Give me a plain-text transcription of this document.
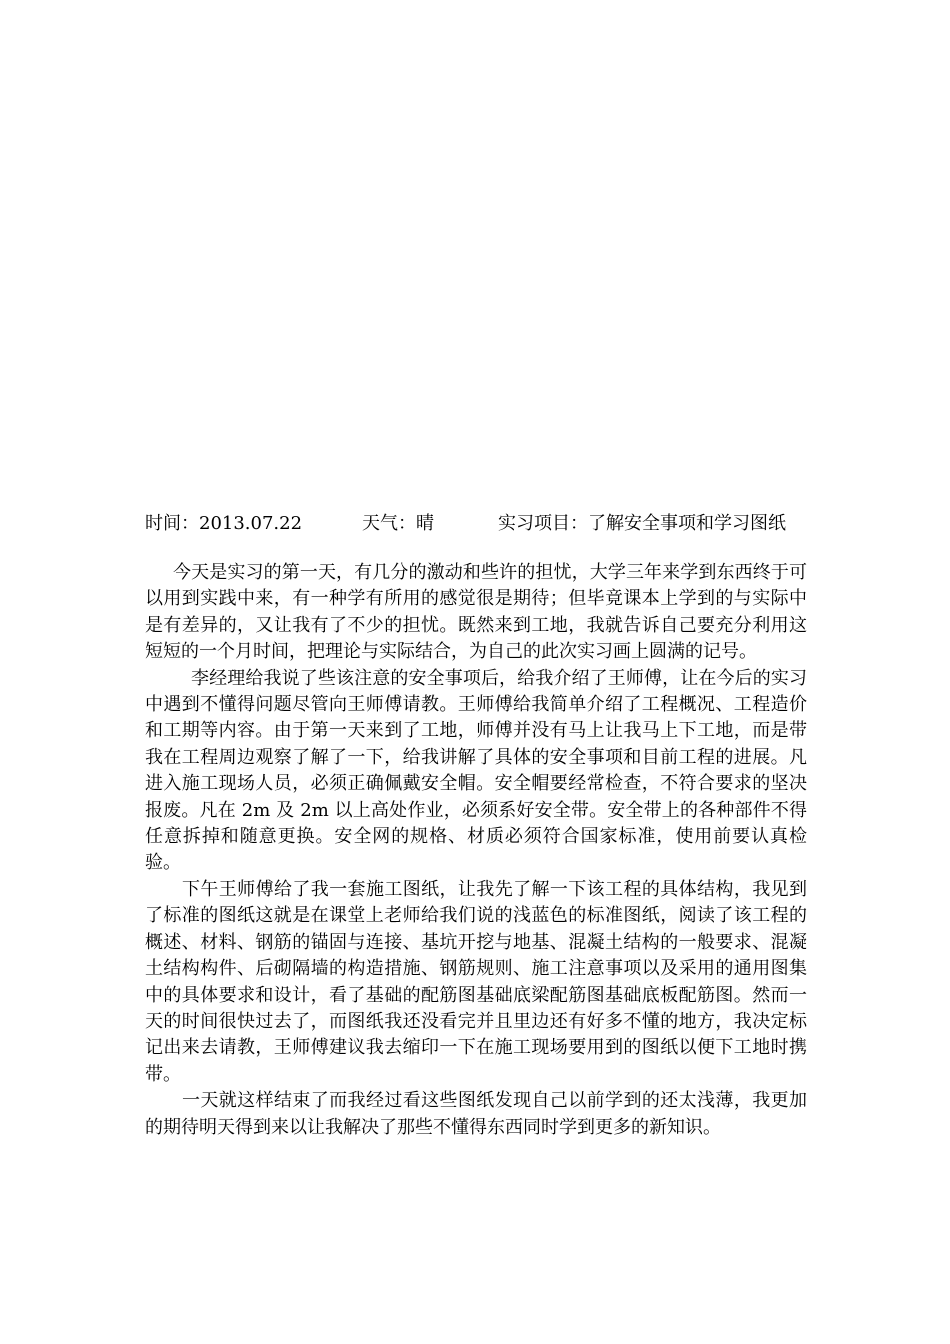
时间：2013.07.22	天气：晴	实习项目：了解安全事项和学习图纸

今天是实习的第一天，有几分的激动和些许的担忧，大学三年来学到东西终于可以用到实践中来，有一种学有所用的感觉很是期待；但毕竟课本上学到的与实际中是有差异的，又让我有了不少的担忧。既然来到工地，我就告诉自己要充分利用这短短的一个月时间，把理论与实际结合，为自己的此次实习画上圆满的记号。

李经理给我说了些该注意的安全事项后，给我介绍了王师傅，让在今后的实习中遇到不懂得问题尽管向王师傅请教。王师傅给我简单介绍了工程概况、工程造价和工期等内容。由于第一天来到了工地，师傅并没有马上让我马上下工地，而是带我在工程周边观察了解了一下，给我讲解了具体的安全事项和目前工程的进展。凡进入施工现场人员，必须正确佩戴安全帽。安全帽要经常检查，不符合要求的坚决报废。凡在 2m 及 2m 以上高处作业，必须系好安全带。安全带上的各种部件不得任意拆掉和随意更换。安全网的规格、材质必须符合国家标准，使用前要认真检验。

下午王师傅给了我一套施工图纸，让我先了解一下该工程的具体结构，我见到了标准的图纸这就是在课堂上老师给我们说的浅蓝色的标准图纸，阅读了该工程的概述、材料、钢筋的锚固与连接、基坑开挖与地基、混凝土结构的一般要求、混凝土结构构件、后砌隔墙的构造措施、钢筋规则、施工注意事项以及采用的通用图集中的具体要求和设计，看了基础的配筋图基础底梁配筋图基础底板配筋图。然而一天的时间很快过去了，而图纸我还没看完并且里边还有好多不懂的地方，我决定标记出来去请教，王师傅建议我去缩印一下在施工现场要用到的图纸以便下工地时携带。

一天就这样结束了而我经过看这些图纸发现自己以前学到的还太浅薄，我更加的期待明天得到来以让我解决了那些不懂得东西同时学到更多的新知识。
